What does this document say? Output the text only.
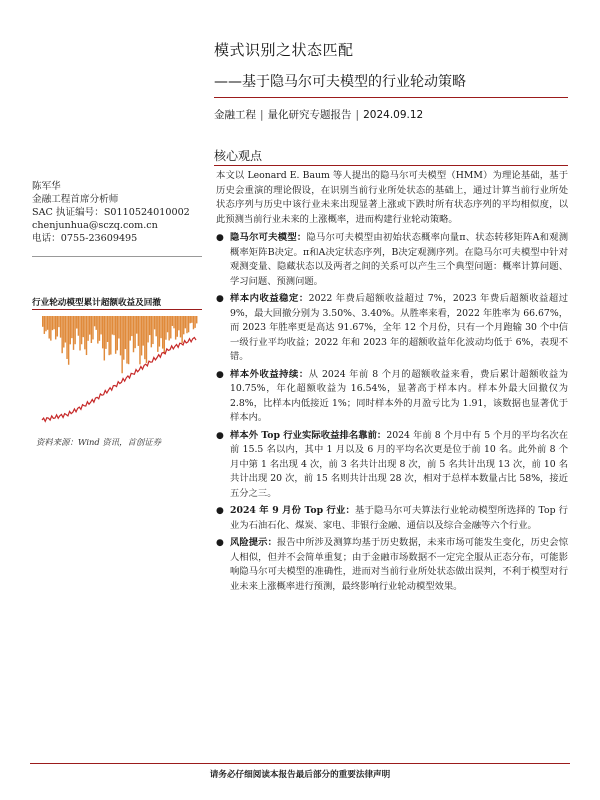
模式识别之状态匹配
——基于隐马尔可夫模型的行业轮动策略
金融工程 | 量化研究专题报告 | 2024.09.12
核心观点
陈军华
金融工程首席分析师
SAC 执证编号：S0110524010002
chenjunhua@sczq.com.cn
电话：0755-23609495
行业轮动模型累计超额收益及回撤
资料来源：Wind 资讯，首创证券

本文以 Leonard E. Baum 等人提出的隐马尔可夫模型（HMM）为理论基础，基于历史会重演的理论假设，在识别当前行业所处状态的基础上，通过计算当前行业所处状态序列与历史中该行业未来出现显著上涨或下跌时所有状态序列的平均相似度，以此预测当前行业未来的上涨概率，进而构建行业轮动策略。

● 隐马尔可夫模型：隐马尔可夫模型由初始状态概率向量π、状态转移矩阵A和观测概率矩阵B决定。π和A决定状态序列，B决定观测序列。在隐马尔可夫模型中针对观测变量、隐藏状态以及两者之间的关系可以产生三个典型问题：概率计算问题、学习问题、预测问题。

● 样本内收益稳定：2022 年费后超额收益超过 7%，2023 年费后超额收益超过 9%，最大回撤分别为 3.50%、3.40%。从胜率来看，2022 年胜率为 66.67%，而 2023 年胜率更是高达 91.67%，全年 12 个月份，只有一个月跑输 30 个中信一级行业平均收益；2022 年和 2023 年的超额收益年化波动均低于 6%，表现不错。

● 样本外收益持续：从 2024 年前 8 个月的超额收益来看，费后累计超额收益为 10.75%，年化超额收益为 16.54%，显著高于样本内。样本外最大回撤仅为 2.8%，比样本内低接近 1%；同时样本外的月盈亏比为 1.91，该数据也显著优于样本内。

● 样本外 Top 行业实际收益排名靠前：2024 年前 8 个月中有 5 个月的平均名次在前 15.5 名以内，其中 1 月以及 6 月的平均名次更是位于前 10 名。此外前 8 个月中第 1 名出现 4 次，前 3 名共计出现 8 次，前 5 名共计出现 13 次，前 10 名共计出现 20 次，前 15 名则共计出现 28 次，相对于总样本数量占比 58%，接近五分之三。

● 2024 年 9 月份 Top 行业：基于隐马尔可夫算法行业轮动模型所选择的 Top 行业为石油石化、煤炭、家电、非银行金融、通信以及综合金融等六个行业。

● 风险提示：报告中所涉及测算均基于历史数据，未来市场可能发生变化，历史会惊人相似，但并不会简单重复；由于金融市场数据不一定完全服从正态分布，可能影响隐马尔可夫模型的准确性，进而对当前行业所处状态做出误判，不利于模型对行业未来上涨概率进行预测，最终影响行业轮动模型效果。

请务必仔细阅读本报告最后部分的重要法律声明
